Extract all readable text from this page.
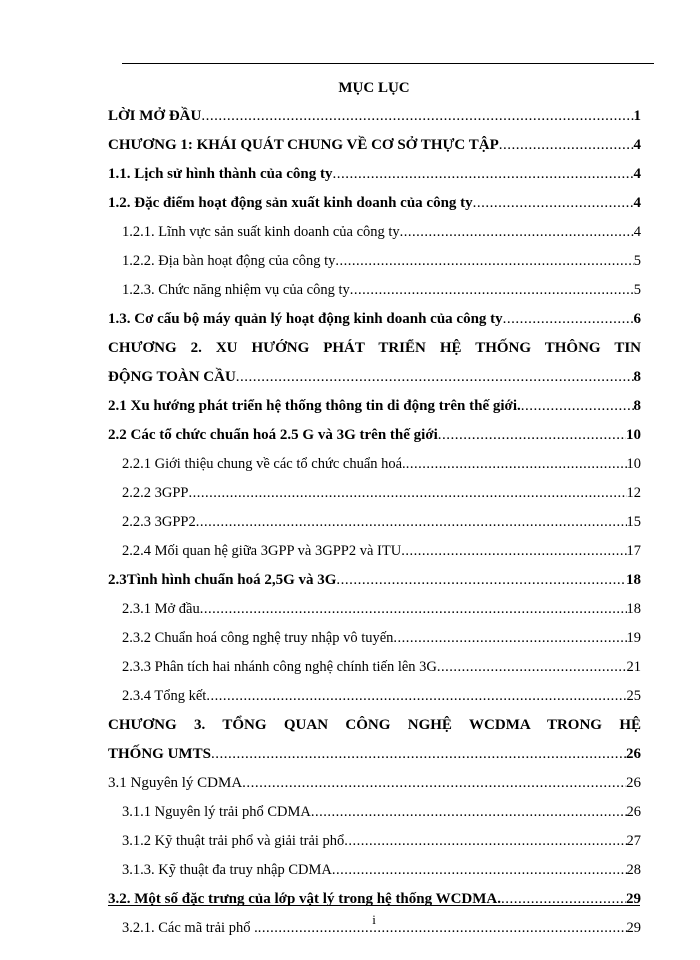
MỤC LỤC
LỜI MỞ ĐẦU .....	1
CHƯƠNG 1: KHÁI QUÁT CHUNG VỀ CƠ SỞ THỰC TẬP .....	4
1.1. Lịch sử hình thành của công ty .....	4
1.2. Đặc điểm hoạt động sản xuất kinh doanh của công ty .....	4
1.2.1. Lĩnh vực sản suất kinh doanh của công ty .....	4
1.2.2. Địa bàn hoạt động của công ty .....	5
1.2.3. Chức năng nhiệm vụ của công ty .....	5
1.3. Cơ cấu bộ máy quản lý hoạt động kinh doanh của công ty .....	6
CHƯƠNG 2. XU HƯỚNG PHÁT TRIỂN HỆ THỐNG THÔNG TIN
ĐỘNG TOÀN CẦU .....	8
2.1 Xu hướng phát triển hệ thống thông tin di động trên thế giới. .....	8
2.2 Các tổ chức chuẩn hoá 2.5 G và 3G trên thế giới .....	10
2.2.1 Giới thiệu chung về các tổ chức chuẩn hoá. .....	10
2.2.2 3GPP .....	12
2.2.3 3GPP2 .....	15
2.2.4 Mối quan hệ giữa 3GPP và 3GPP2 và ITU .....	17
2.3Tình hình chuẩn hoá 2,5G và 3G .....	18
2.3.1 Mở đầu .....	18
2.3.2 Chuẩn hoá công nghệ truy nhập vô tuyến .....	19
2.3.3 Phân tích hai nhánh công nghệ chính tiến lên 3G .....	21
2.3.4 Tổng kết .....	25
CHƯƠNG 3. TỔNG QUAN CÔNG NGHỆ WCDMA TRONG HỆ
THỐNG UMTS .....	26
3.1 Nguyên lý CDMA .....	26
3.1.1 Nguyên lý trải phổ CDMA .....	26
3.1.2 Kỹ thuật trải phổ và giải trải phổ .....	27
3.1.3. Kỹ thuật đa truy nhập CDMA .....	28
3.2. Một số đặc trưng của lớp vật lý trong hệ thống WCDMA. .....	29
3.2.1. Các mã trải phổ . .....	29
i
